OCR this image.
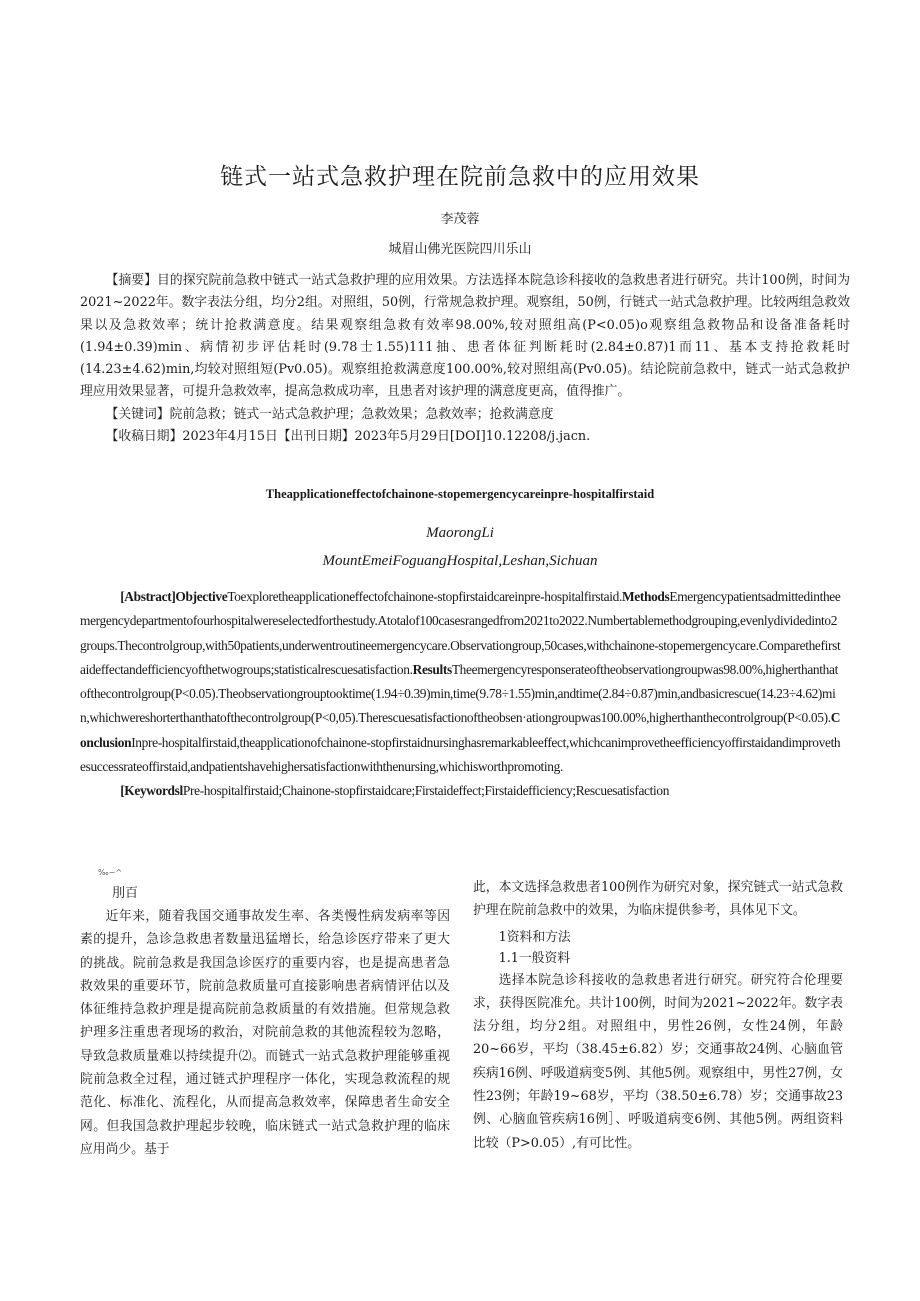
链式一站式急救护理在院前急救中的应用效果
李茂蓉
城眉山佛光医院四川乐山

【摘要】目的探究院前急救中链式一站式急救护理的应用效果。方法选择本院急诊科接收的急救患者进行研究。共计100例，时间为2021~2022年。数字表法分组，均分2组。对照组，50例，行常规急救护理。观察组，50例，行链式一站式急救护理。比较两组急救效果以及急救效率；统计抢救满意度。结果观察组急救有效率98.00%,较对照组高(P<0.05)o观察组急救物品和设备准备耗时(1.94±0.39)min、病情初步评估耗时(9.78士1.55)111抽、患者体征判断耗时(2.84±0.87)1而11、基本支持抢救耗时(14.23±4.62)min,均较对照组短(Pv0.05)。观察组抢救满意度100.00%,较对照组高(Pv0.05)。结论院前急救中，链式一站式急救护理应用效果显著，可提升急救效率，提高急救成功率，且患者对该护理的满意度更高，值得推广。

【关键词】院前急救；链式一站式急救护理；急救效果；急救效率；抢救满意度

【收稿日期】2023年4月15日【出刊日期】2023年5月29日[DOI]10.12208/j.jacn.

Theapplicationeffectofchainone-stopemergencycareinpre-hospitalfirstaid
MaorongLi
MountEmeiFoguangHospital,Leshan,Sichuan

[Abstract]ObjectiveToexploretheapplicationeffectofchainone-stopfirstaidcareinpre-hospitalfirstaid.MethodsEmergencypatientsadmittedintheemergencydepartmentofourhospitalwereselectedforthestudy.Atotalof100casesrangedfrom2021to2022.Numbertablemethodgrouping,evenlydividedinto2groups.Thecontrolgroup,with50patients,underwentroutineemergencycare.Observationgroup,50cases,withchainone-stopemergencycare.Comparethefirstaideffectandefficiencyofthetwogroups;statisticalrescuesatisfaction.ResultsTheemergencyresponserateoftheobservationgroupwas98.00%,higherthanthatofthecontrolgroup(P<0.05).Theobservationgrouptooktime(1.94÷0.39)min,time(9.78÷1.55)min,andtime(2.84÷0.87)min,andbasicrescue(14.23÷4.62)min,whichwereshorterthanthatofthecontrolgroup(P<0,05).Therescuesatisfactionoftheobsen·ationgroupwas100.00%,higherthanthecontrolgroup(P<0.05).ConclusionInpre-hospitalfirstaid,theapplicationofchainone-stopfirstaidnursinghasremarkableeffect,whichcanimprovetheefficiencyoffirstaidandimprovethesuccessrateoffirstaid,andpatientshavehighersatisfactionwiththenursing,whichisworthpromoting.

[KeywordslPre-hospitalfirstaid;Chainone-stopfirstaidcare;Firstaideffect;Firstaidefficiency;Rescuesatisfaction

‰~^
刖百

近年来，随着我国交通事故发生率、各类慢性病发病率等因素的提升，急诊急救患者数量迅猛增长，给急诊医疗带来了更大的挑战。院前急救是我国急诊医疗的重要内容，也是提高患者急救效果的重要环节，院前急救质量可直接影响患者病情评估以及体征维持急救护理是提高院前急救质量的有效措施。但常规急救护理多注重患者现场的救治，对院前急救的其他流程较为忽略，导致急救质量难以持续提升⑵。而链式一站式急救护理能够重视院前急救全过程，通过链式护理程序一体化，实现急救流程的规范化、标准化、流程化，从而提高急救效率，保障患者生命安全网。但我国急救护理起步较晚，临床链式一站式急救护理的临床应用尚少。基于

此，本文选择急救患者100例作为研究对象，探究链式一站式急救护理在院前急救中的效果，为临床提供参考，具体见下文。

1资料和方法

1.1一般资料

选择本院急诊科接收的急救患者进行研究。研究符合伦理要求，获得医院准允。共计100例，时间为2021~2022年。数字表法分组，均分2组。对照组中，男性26例，女性24例，年龄20~66岁，平均（38.45±6.82）岁；交通事故24例、心脑血管疾病16例、呼吸道病变5例、其他5例。观察组中，男性27例，女性23例；年龄19~68岁，平均（38.50±6.78）岁；交通事故23例、心脑血管疾病16例］、呼吸道病变6例、其他5例。两组资料比较（P>0.05）,有可比性。
